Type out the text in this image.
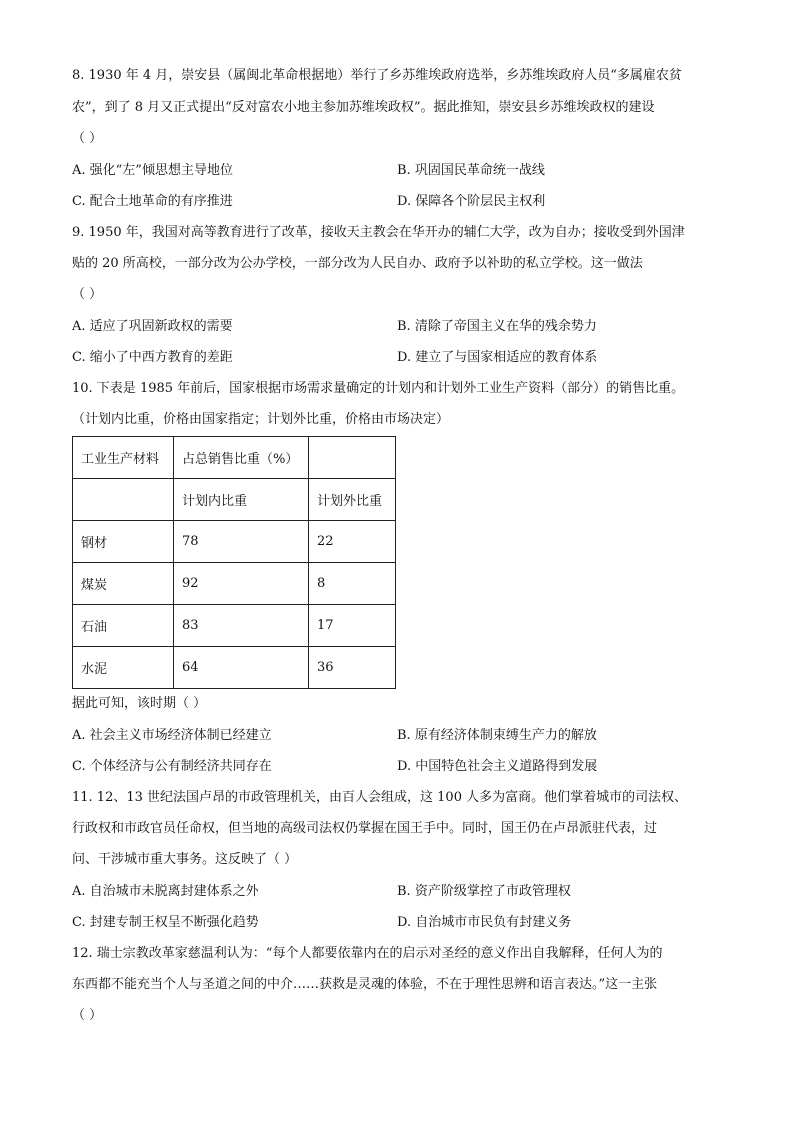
8. 1930 年 4 月，崇安县（属闽北革命根据地）举行了乡苏维埃政府选举，乡苏维埃政府人员“多属雇农贫
农”，到了 8 月又正式提出“反对富农小地主参加苏维埃政权”。据此推知，崇安县乡苏维埃政权的建设
（ ）
A. 强化“左”倾思想主导地位	B. 巩固国民革命统一战线
C. 配合土地革命的有序推进	D. 保障各个阶层民主权利
9. 1950 年，我国对高等教育进行了改革，接收天主教会在华开办的辅仁大学，改为自办；接收受到外国津
贴的 20 所高校，一部分改为公办学校，一部分改为人民自办、政府予以补助的私立学校。这一做法
（ ）
A. 适应了巩固新政权的需要	B. 清除了帝国主义在华的残余势力
C. 缩小了中西方教育的差距	D. 建立了与国家相适应的教育体系
10. 下表是 1985 年前后，国家根据市场需求量确定的计划内和计划外工业生产资料（部分）的销售比重。
（计划内比重，价格由国家指定；计划外比重，价格由市场决定）
工业生产材料	占总销售比重（%）	
	计划内比重	计划外比重
钢材	78	22
煤炭	92	8
石油	83	17
水泥	64	36
据此可知，该时期（ ）
A. 社会主义市场经济体制已经建立	B. 原有经济体制束缚生产力的解放
C. 个体经济与公有制经济共同存在	D. 中国特色社会主义道路得到发展
11. 12、13 世纪法国卢昂的市政管理机关，由百人会组成，这 100 人多为富商。他们掌着城市的司法权、
行政权和市政官员任命权，但当地的高级司法权仍掌握在国王手中。同时，国王仍在卢昂派驻代表，过
问、干涉城市重大事务。这反映了（ ）
A. 自治城市未脱离封建体系之外	B. 资产阶级掌控了市政管理权
C. 封建专制王权呈不断强化趋势	D. 自治城市市民负有封建义务
12. 瑞士宗教改革家慈温利认为：“每个人都要依靠内在的启示对圣经的意义作出自我解释，任何人为的
东西都不能充当个人与圣道之间的中介……获救是灵魂的体验，不在于理性思辨和语言表达。”这一主张
（ ）
